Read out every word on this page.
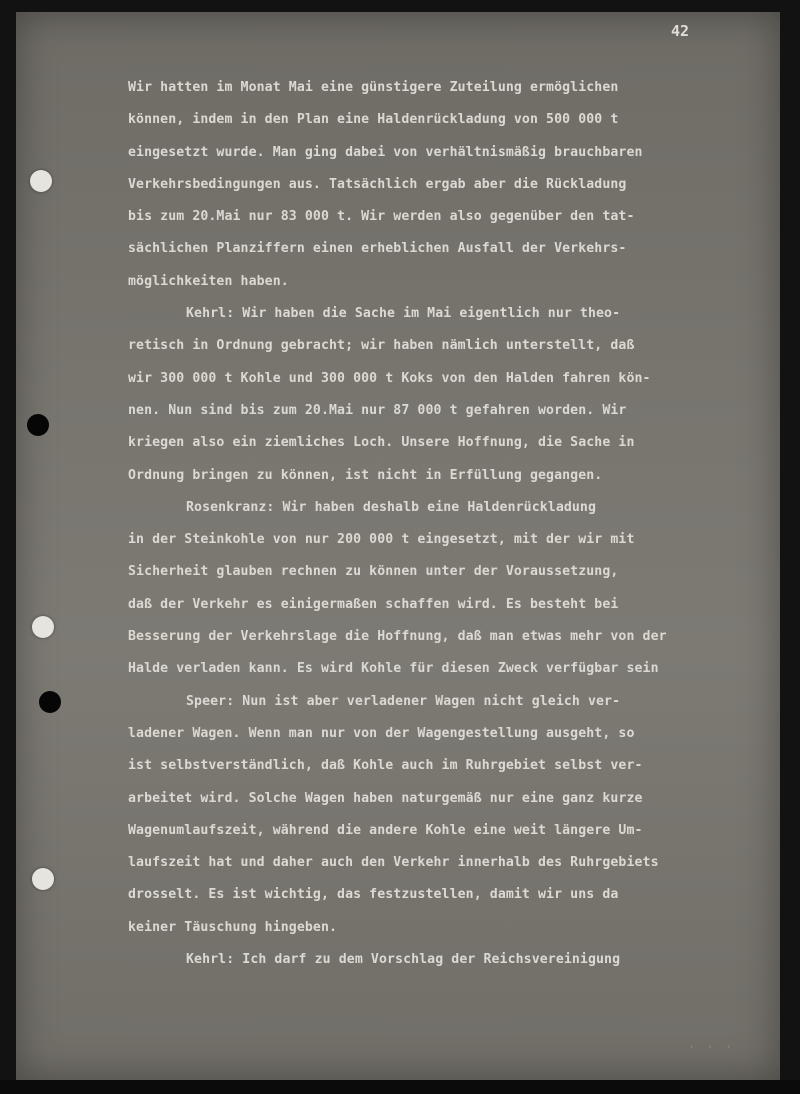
42
Wir hatten im Monat Mai eine günstigere Zuteilung ermöglichen
können, indem in den Plan eine Haldenrückladung von 500 000 t
eingesetzt wurde. Man ging dabei von verhältnismäßig brauchbaren
Verkehrsbedingungen aus. Tatsächlich ergab aber die Rückladung
bis zum 20.Mai nur 83 000 t. Wir werden also gegenüber den tat-
sächlichen Planziffern einen erheblichen Ausfall der Verkehrs-
möglichkeiten haben.
Kehrl: Wir haben die Sache im Mai eigentlich nur theo-
retisch in Ordnung gebracht; wir haben nämlich unterstellt, daß
wir 300 000 t Kohle und 300 000 t Koks von den Halden fahren kön-
nen. Nun sind bis zum 20.Mai nur 87 000 t gefahren worden. Wir
kriegen also ein ziemliches Loch. Unsere Hoffnung, die Sache in
Ordnung bringen zu können, ist nicht in Erfüllung gegangen.
Rosenkranz: Wir haben deshalb eine Haldenrückladung
in der Steinkohle von nur 200 000 t eingesetzt, mit der wir mit
Sicherheit glauben rechnen zu können unter der Voraussetzung,
daß der Verkehr es einigermaßen schaffen wird. Es besteht bei
Besserung der Verkehrslage die Hoffnung, daß man etwas mehr von der
Halde verladen kann. Es wird Kohle für diesen Zweck verfügbar sein
Speer: Nun ist aber verladener Wagen nicht gleich ver-
ladener Wagen. Wenn man nur von der Wagengestellung ausgeht, so
ist selbstverständlich, daß Kohle auch im Ruhrgebiet selbst ver-
arbeitet wird. Solche Wagen haben naturgemäß nur eine ganz kurze
Wagenumlaufszeit, während die andere Kohle eine weit längere Um-
laufszeit hat und daher auch den Verkehr innerhalb des Ruhrgebiets
drosselt. Es ist wichtig, das festzustellen, damit wir uns da
keiner Täuschung hingeben.
Kehrl: Ich darf zu dem Vorschlag der Reichsvereinigung
· · ·
